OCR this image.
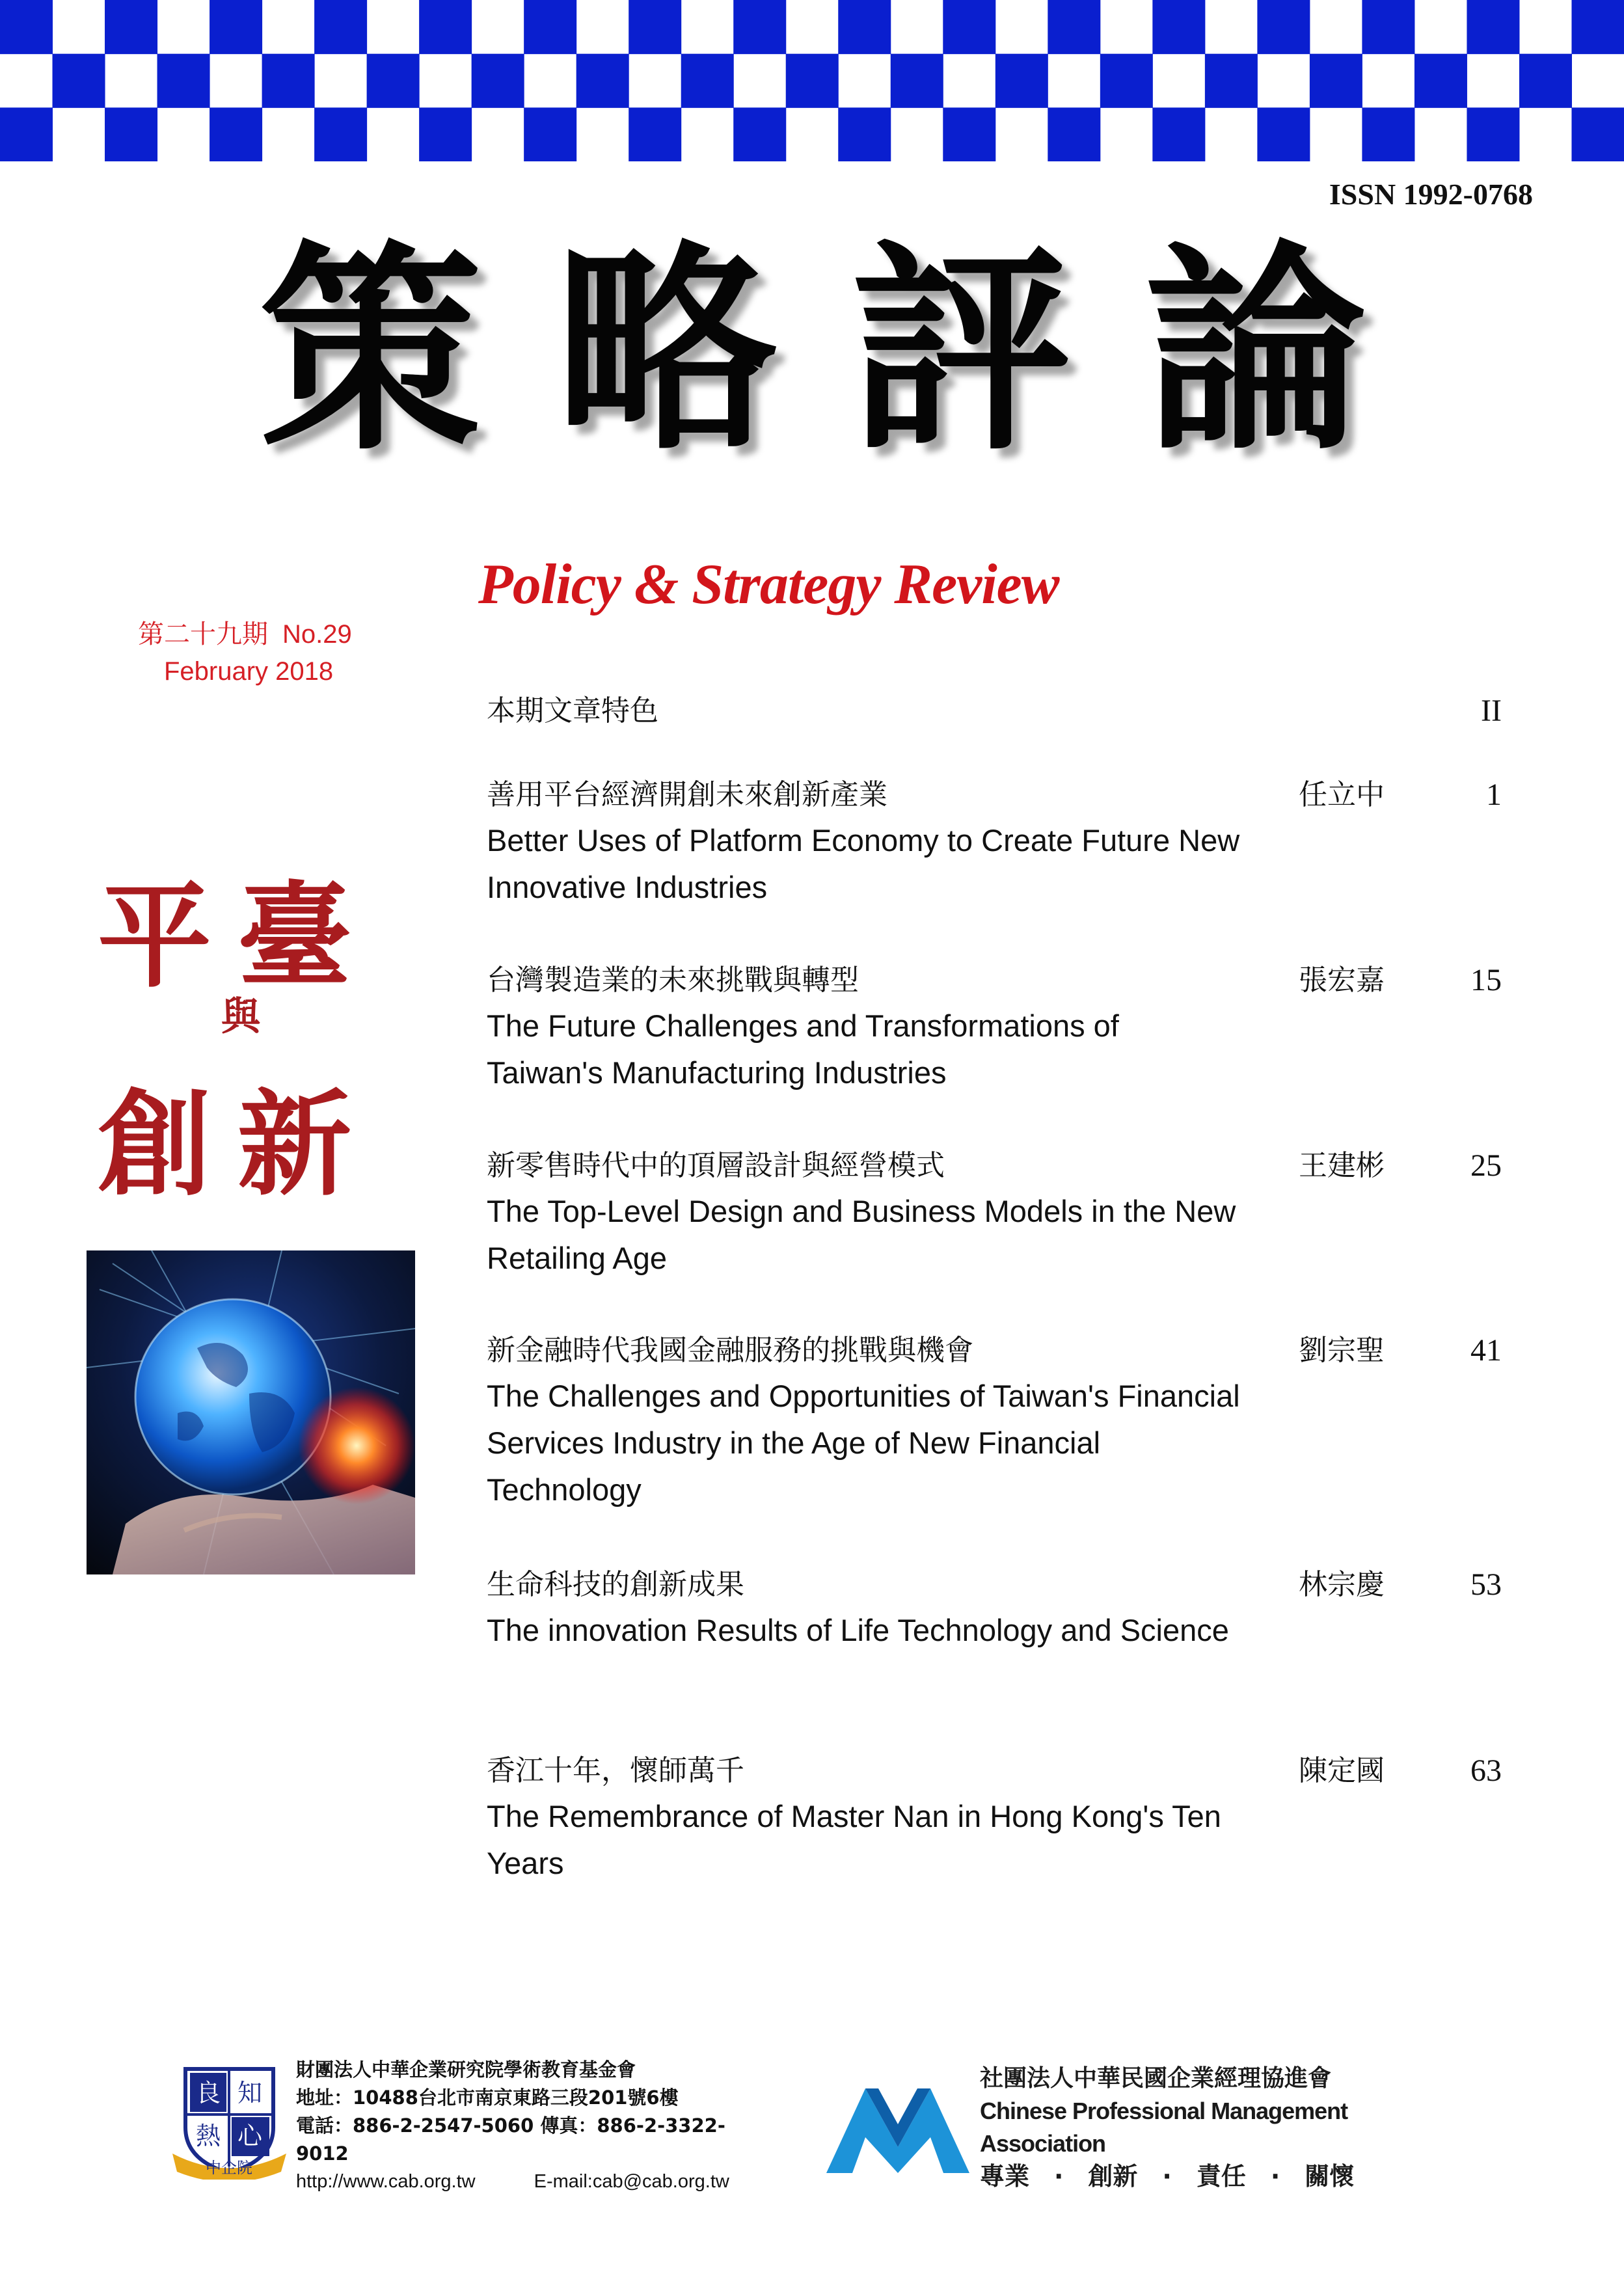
ISSN 1992-0768
策 略 評 論
Policy & Strategy Review
第二十九期 No.29
February 2018
平臺
與
創新
本期文章特色	II
善用平台經濟開創未來創新產業
Better Uses of Platform Economy to Create Future New Innovative Industries
任立中	1
台灣製造業的未來挑戰與轉型
The Future Challenges and Transformations of Taiwan's Manufacturing Industries
張宏嘉	15
新零售時代中的頂層設計與經營模式
The Top-Level Design and Business Models in the New Retailing Age
王建彬	25
新金融時代我國金融服務的挑戰與機會
The Challenges and Opportunities of Taiwan's Financial Services Industry in the Age of New Financial Technology
劉宗聖	41
生命科技的創新成果
The innovation Results of Life Technology and Science
林宗慶	53
香江十年，懷師萬千
The Remembrance of Master Nan in Hong Kong's Ten Years
陳定國	63
良 知
熱 心
中企院
財團法人中華企業研究院學術教育基金會
地址：10488台北市南京東路三段201號6樓
電話：886-2-2547-5060 傳真：886-2-3322-9012
http://www.cab.org.tw	E-mail:cab@cab.org.tw
社團法人中華民國企業經理協進會
Chinese Professional Management Association
專業　·　創新　·　責任　·　關懷
